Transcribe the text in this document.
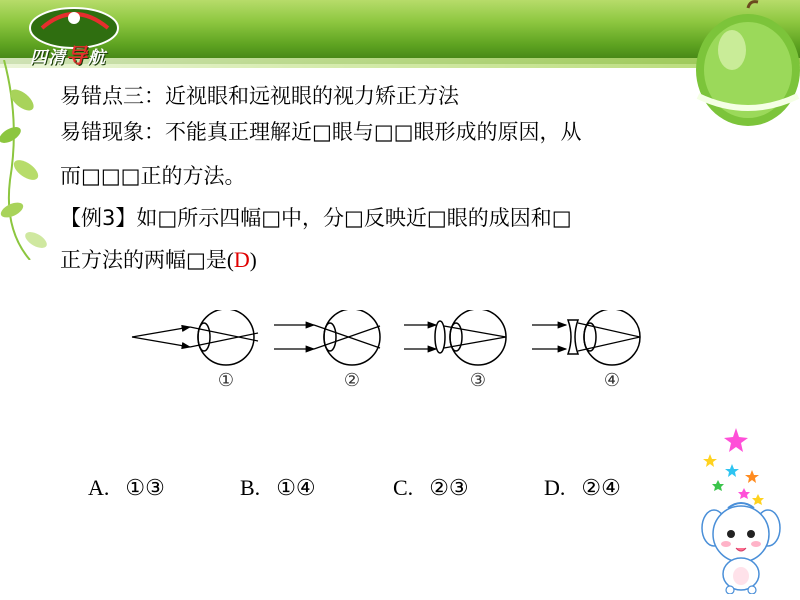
四清导航
易错点三：近视眼和远视眼的视力矫正方法
易错现象：不能真正理解近□眼与□□眼形成的原因，从
而□□□正的方法。
【例3】如□所示四幅□中，分□反映近□眼的成因和□
正方法的两幅□是(D)
①	②	③	④
A. ①③	B. ①④	C. ②③	D. ②④
